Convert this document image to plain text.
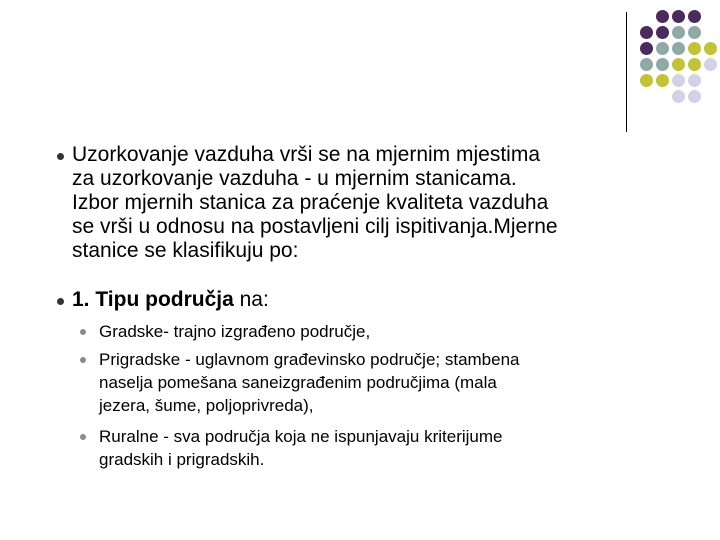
Uzorkovanje vazduha vrši se na mjernim mjestima
za uzorkovanje vazduha - u mjernim stanicama.
Izbor mjernih stanica za praćenje kvaliteta vazduha
se vrši u odnosu na postavljeni cilj ispitivanja.Mjerne
stanice se klasifikuju po:
1. Tipu područja na:
Gradske- trajno izgrađeno područje,
Prigradske - uglavnom građevinsko područje; stambena
naselja pomešana saneizgrađenim područjima (mala
jezera, šume, poljoprivreda),
Ruralne - sva područja koja ne ispunjavaju kriterijume
gradskih i prigradskih.
